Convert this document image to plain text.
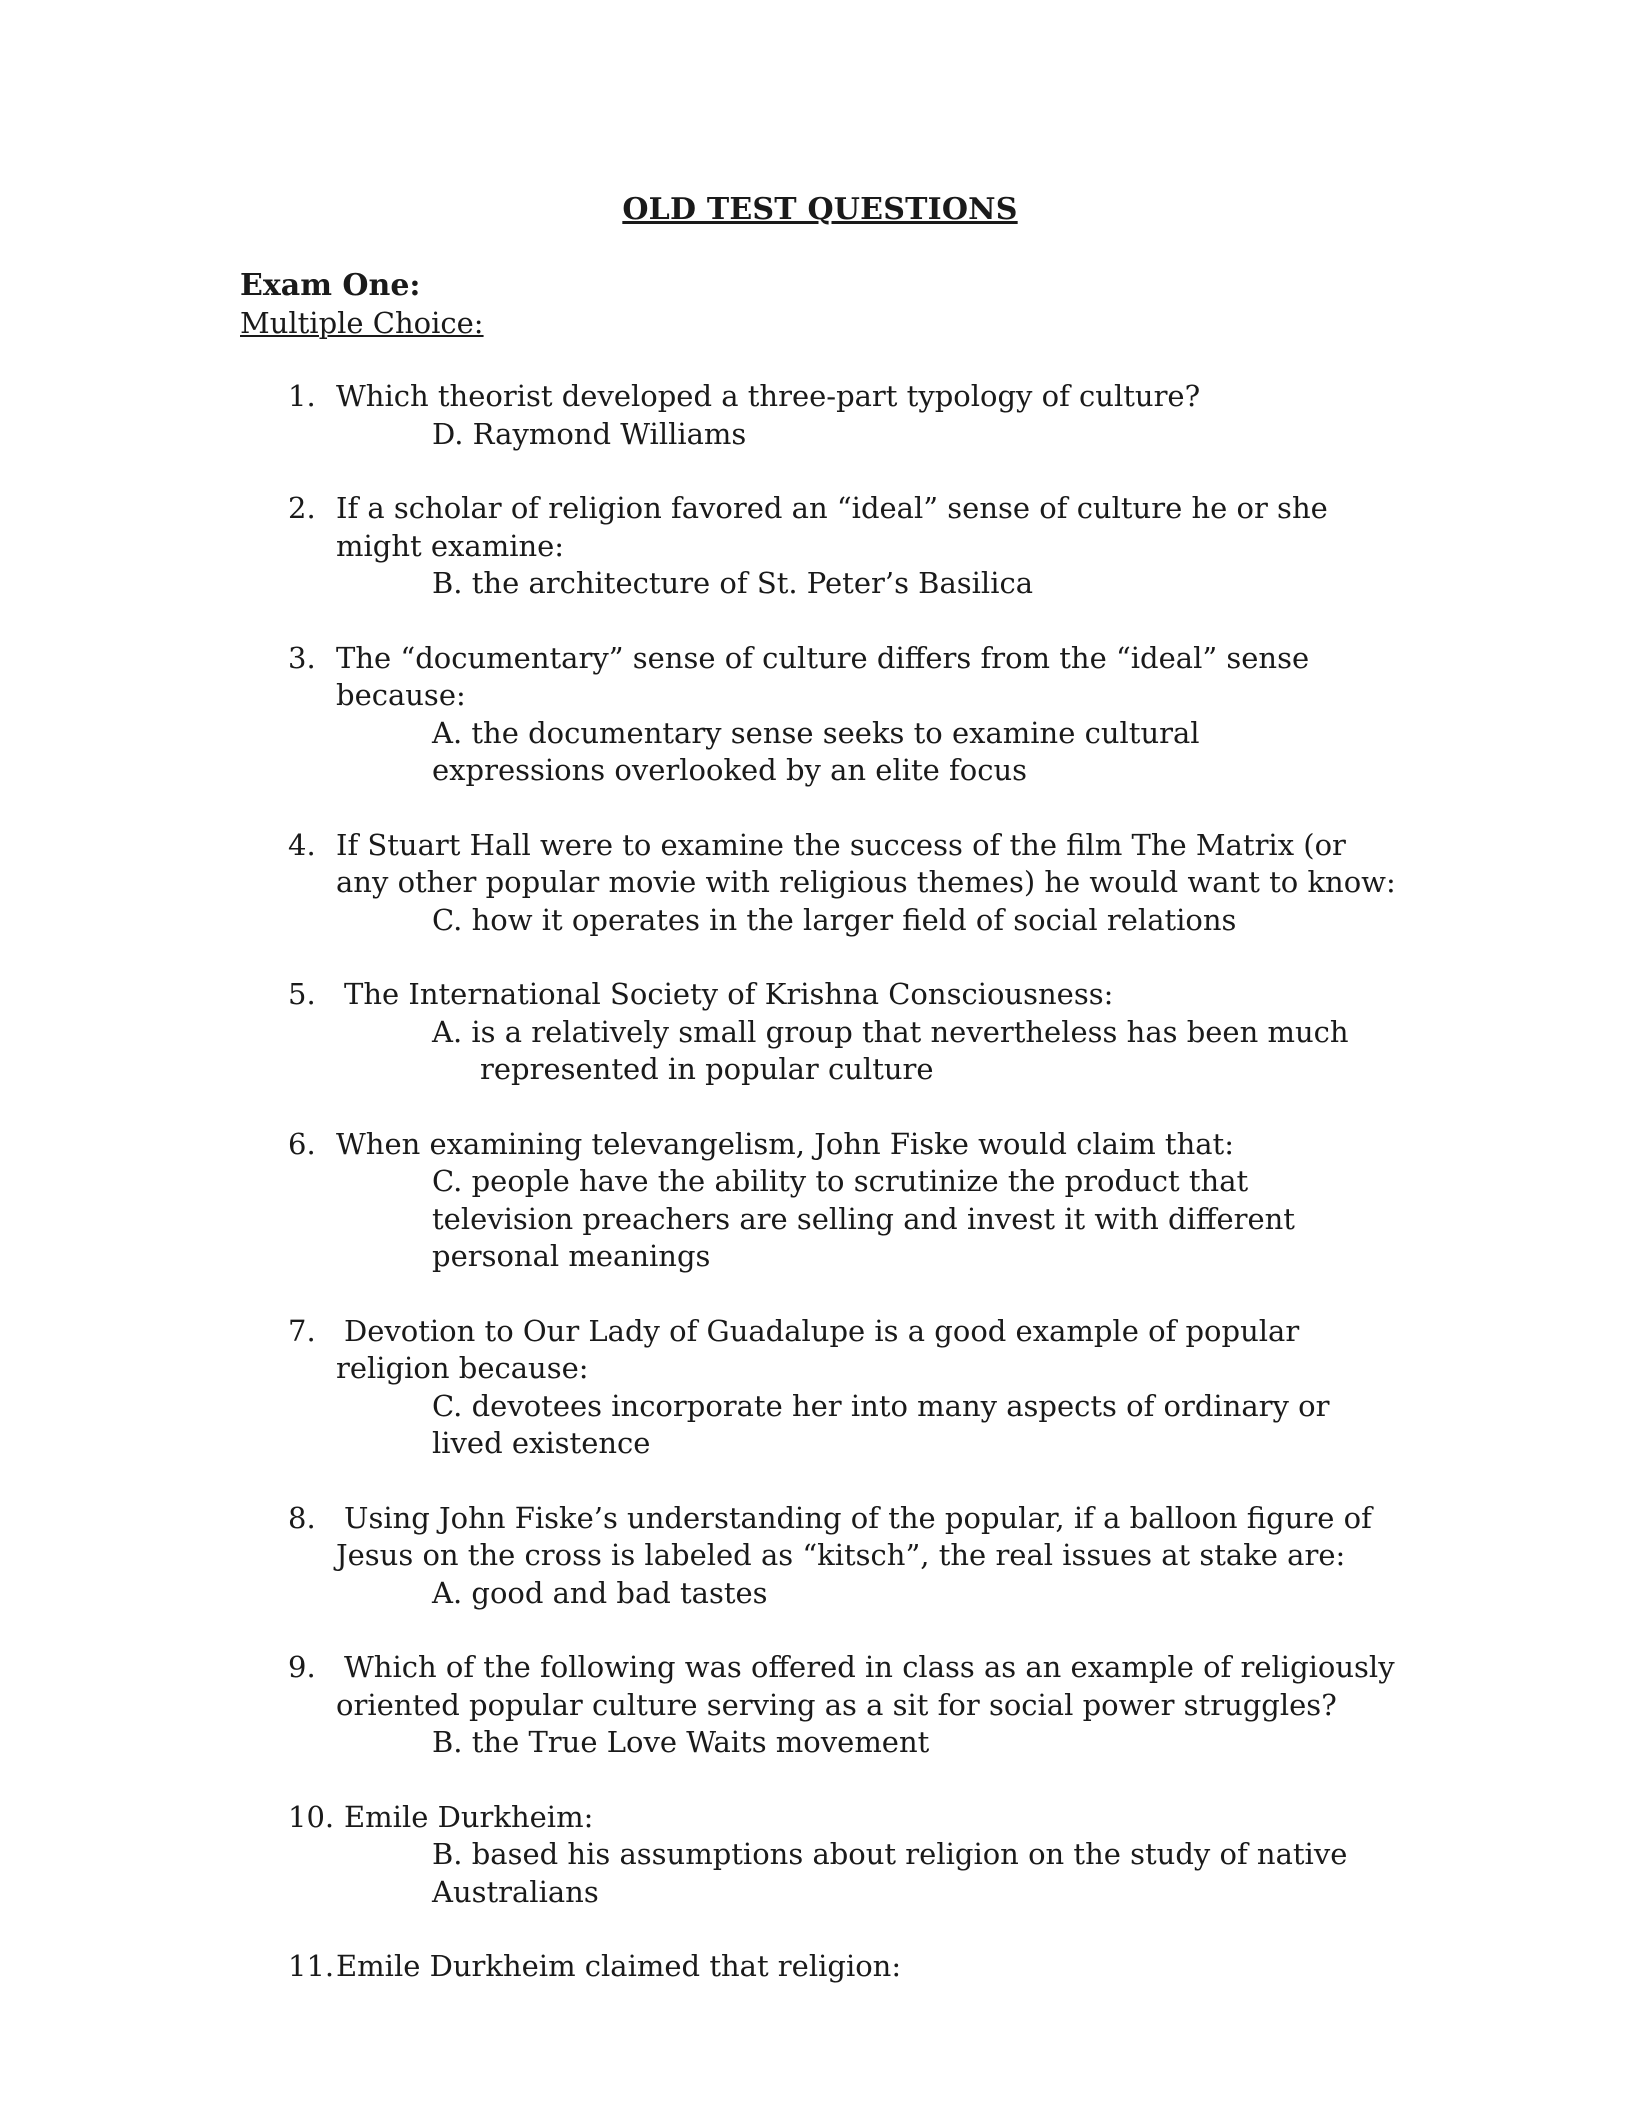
OLD TEST QUESTIONS
Exam One:
Multiple Choice:
1. Which theorist developed a three-part typology of culture?
D. Raymond Williams
2. If a scholar of religion favored an “ideal” sense of culture he or she might examine:
B. the architecture of St. Peter’s Basilica
3. The “documentary” sense of culture differs from the “ideal” sense because:
A. the documentary sense seeks to examine cultural expressions overlooked by an elite focus
4. If Stuart Hall were to examine the success of the film The Matrix (or any other popular movie with religious themes) he would want to know:
C. how it operates in the larger field of social relations
5. The International Society of Krishna Consciousness:
A. is a relatively small group that nevertheless has been much represented in popular culture
6. When examining televangelism, John Fiske would claim that:
C. people have the ability to scrutinize the product that television preachers are selling and invest it with different personal meanings
7. Devotion to Our Lady of Guadalupe is a good example of popular religion because:
C. devotees incorporate her into many aspects of ordinary or lived existence
8. Using John Fiske’s understanding of the popular, if a balloon figure of Jesus on the cross is labeled as “kitsch”, the real issues at stake are:
A. good and bad tastes
9. Which of the following was offered in class as an example of religiously oriented popular culture serving as a sit for social power struggles?
B. the True Love Waits movement
10. Emile Durkheim:
B. based his assumptions about religion on the study of native Australians
11. Emile Durkheim claimed that religion:
